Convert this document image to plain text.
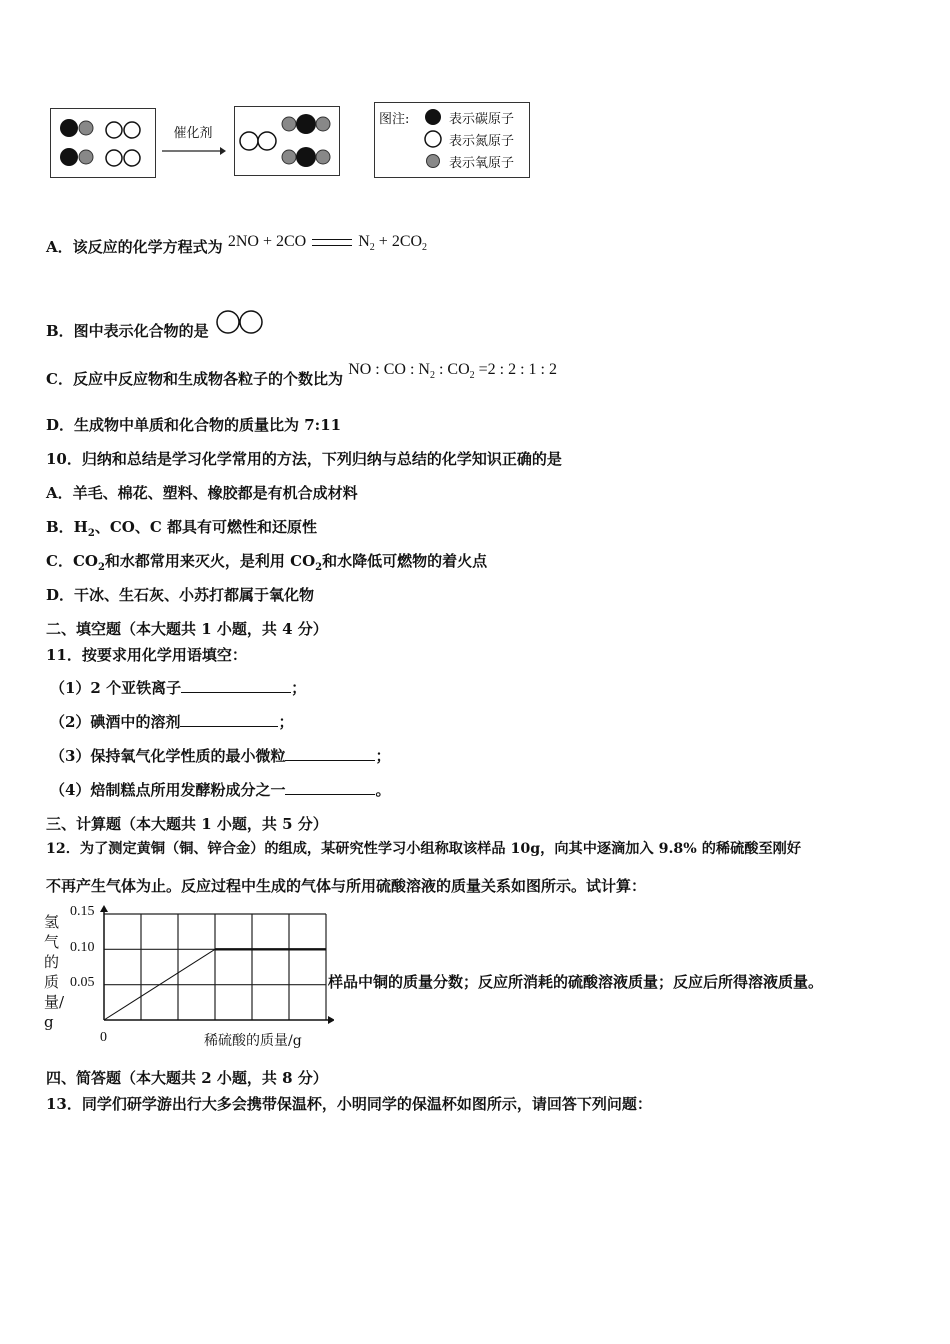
催化剂
图注:	表示碳原子
表示氮原子
表示氧原子
A．该反应的化学方程式为 2NO + 2CO	$N_2 + 2CO_2$
B．图中表示化合物的是
C．反应中反应物和生成物各粒子的个数比为 NO : CO : $N_2$ : $CO_2 =2$ : 2 : 1 : 2
D．生成物中单质和化合物的质量比为 7:11
10．归纳和总结是学习化学常用的方法，下列归纳与总结的化学知识正确的是
A．羊毛、棉花、塑料、橡胶都是有机合成材料
B．$H_2$、CO、C 都具有可燃性和还原性
C．$CO_2$和水都常用来灭火，是利用 $CO_2$和水降低可燃物的着火点
D．干冰、生石灰、小苏打都属于氧化物
二、填空题（本大题共 1 小题，共 4 分）
11．按要求用化学用语填空：
（1）2 个亚铁离子	；
（2）碘酒中的溶剂	；
（3）保持氧气化学性质的最小微粒	；
（4）焙制糕点所用发酵粉成分之一	。
三、计算题（本大题共 1 小题，共 5 分）
12．为了测定黄铜（铜、锌合金）的组成，某研究性学习小组称取该样品 10g，向其中逐滴加入 9.8% 的稀硫酸至刚好
不再产生气体为止。反应过程中生成的气体与所用硫酸溶液的质量关系如图所示。试计算：
氢气的质量/g
0.15
0.10
0.05
0	稀硫酸的质量/g
样品中铜的质量分数；反应所消耗的硫酸溶液质量；反应后所得溶液质量。
四、简答题（本大题共 2 小题，共 8 分）
13．同学们研学游出行大多会携带保温杯，小明同学的保温杯如图所示，请回答下列问题：
